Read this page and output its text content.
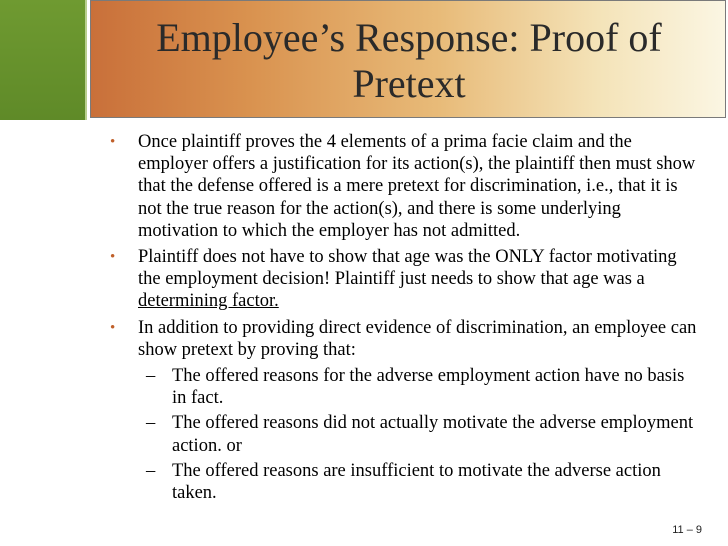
Employee’s Response: Proof of
Pretext
• Once plaintiff proves the 4 elements of a prima facie claim and the employer offers a justification for its action(s), the plaintiff then must show that the defense offered is a mere pretext for discrimination, i.e., that it is not the true reason for the action(s), and there is some underlying motivation to which the employer has not admitted.
• Plaintiff does not have to show that age was the ONLY factor motivating the employment decision! Plaintiff just needs to show that age was a determining factor.
• In addition to providing direct evidence of discrimination, an employee can show pretext by proving that:
– The offered reasons for the adverse employment action have no basis in fact.
– The offered reasons did not actually motivate the adverse employment action. or
– The offered reasons are insufficient to motivate the adverse action taken.
11 – 9
